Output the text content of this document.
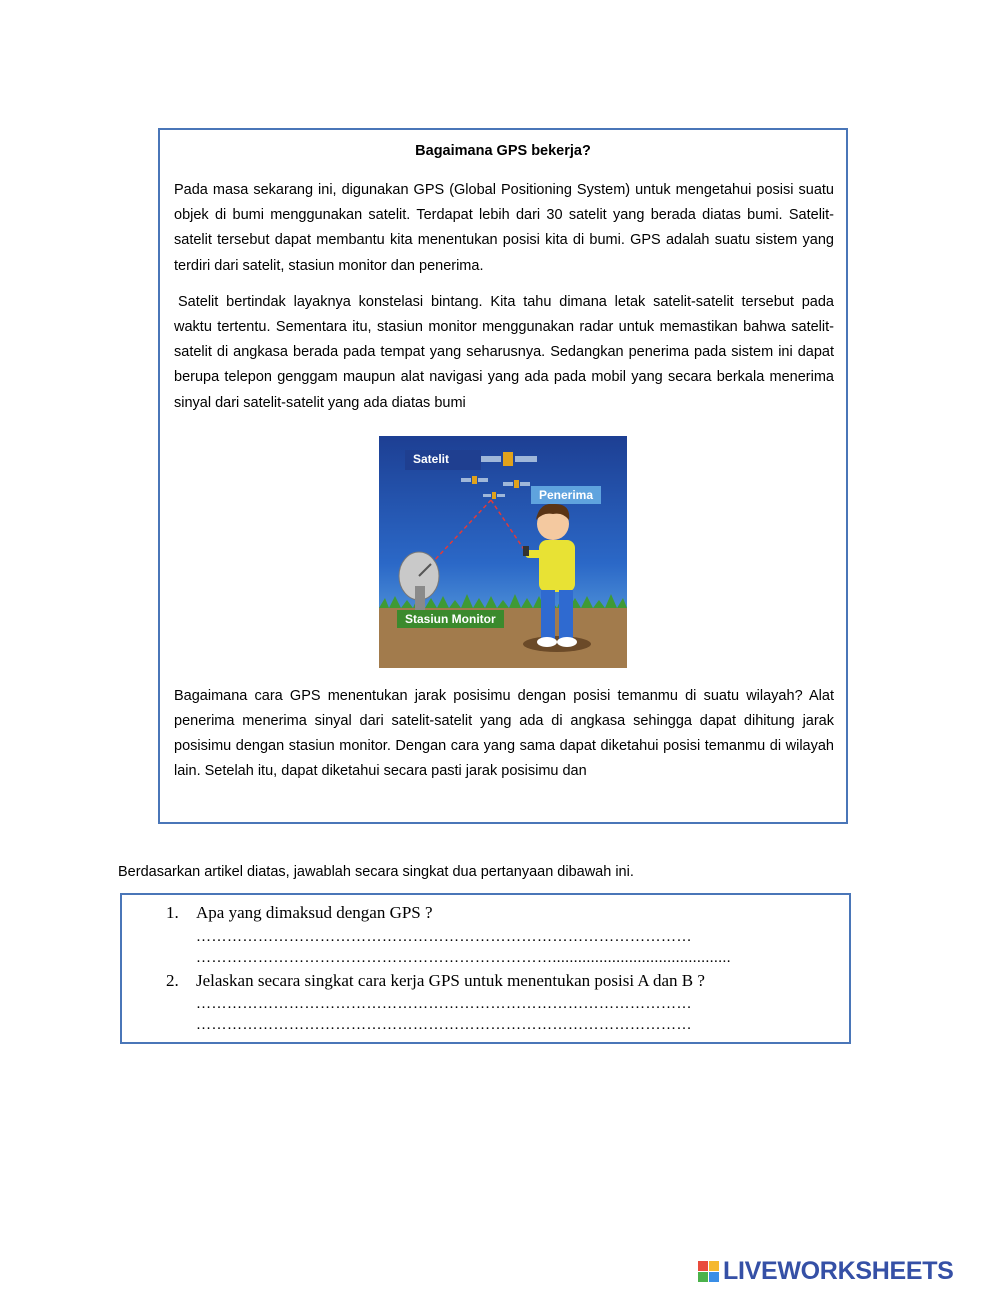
Bagaimana GPS bekerja?

Pada masa sekarang ini, digunakan GPS (Global Positioning System) untuk mengetahui posisi suatu objek di bumi menggunakan satelit. Terdapat lebih dari 30 satelit yang berada diatas bumi. Satelit-satelit tersebut dapat membantu kita menentukan posisi kita di bumi. GPS adalah suatu sistem yang terdiri dari satelit, stasiun monitor dan penerima.

Satelit bertindak layaknya konstelasi bintang. Kita tahu dimana letak satelit-satelit tersebut pada waktu tertentu. Sementara itu, stasiun monitor menggunakan radar untuk memastikan bahwa satelit-satelit di angkasa berada pada tempat yang seharusnya. Sedangkan penerima pada sistem ini dapat berupa telepon genggam maupun alat navigasi yang ada pada mobil yang secara berkala menerima sinyal dari satelit-satelit yang ada diatas bumi

Satelit
Penerima
Stasiun Monitor

Bagaimana cara GPS menentukan jarak posisimu dengan posisi temanmu di suatu wilayah? Alat penerima menerima sinyal dari satelit-satelit yang ada di angkasa sehingga dapat dihitung jarak posisimu dengan stasiun monitor. Dengan cara yang sama dapat diketahui posisi temanmu di wilayah lain. Setelah itu, dapat diketahui secara pasti jarak posisimu dan

Berdasarkan artikel diatas, jawablah secara singkat dua pertanyaan dibawah ini.
1. Apa yang dimaksud dengan GPS ?
……………………………………………………………………………………
……………………………………………………………..........................................
2. Jelaskan secara singkat cara kerja GPS untuk menentukan posisi A dan B ?
……………………………………………………………………………………
……………………………………………………………………………………
LIVEWORKSHEETS
